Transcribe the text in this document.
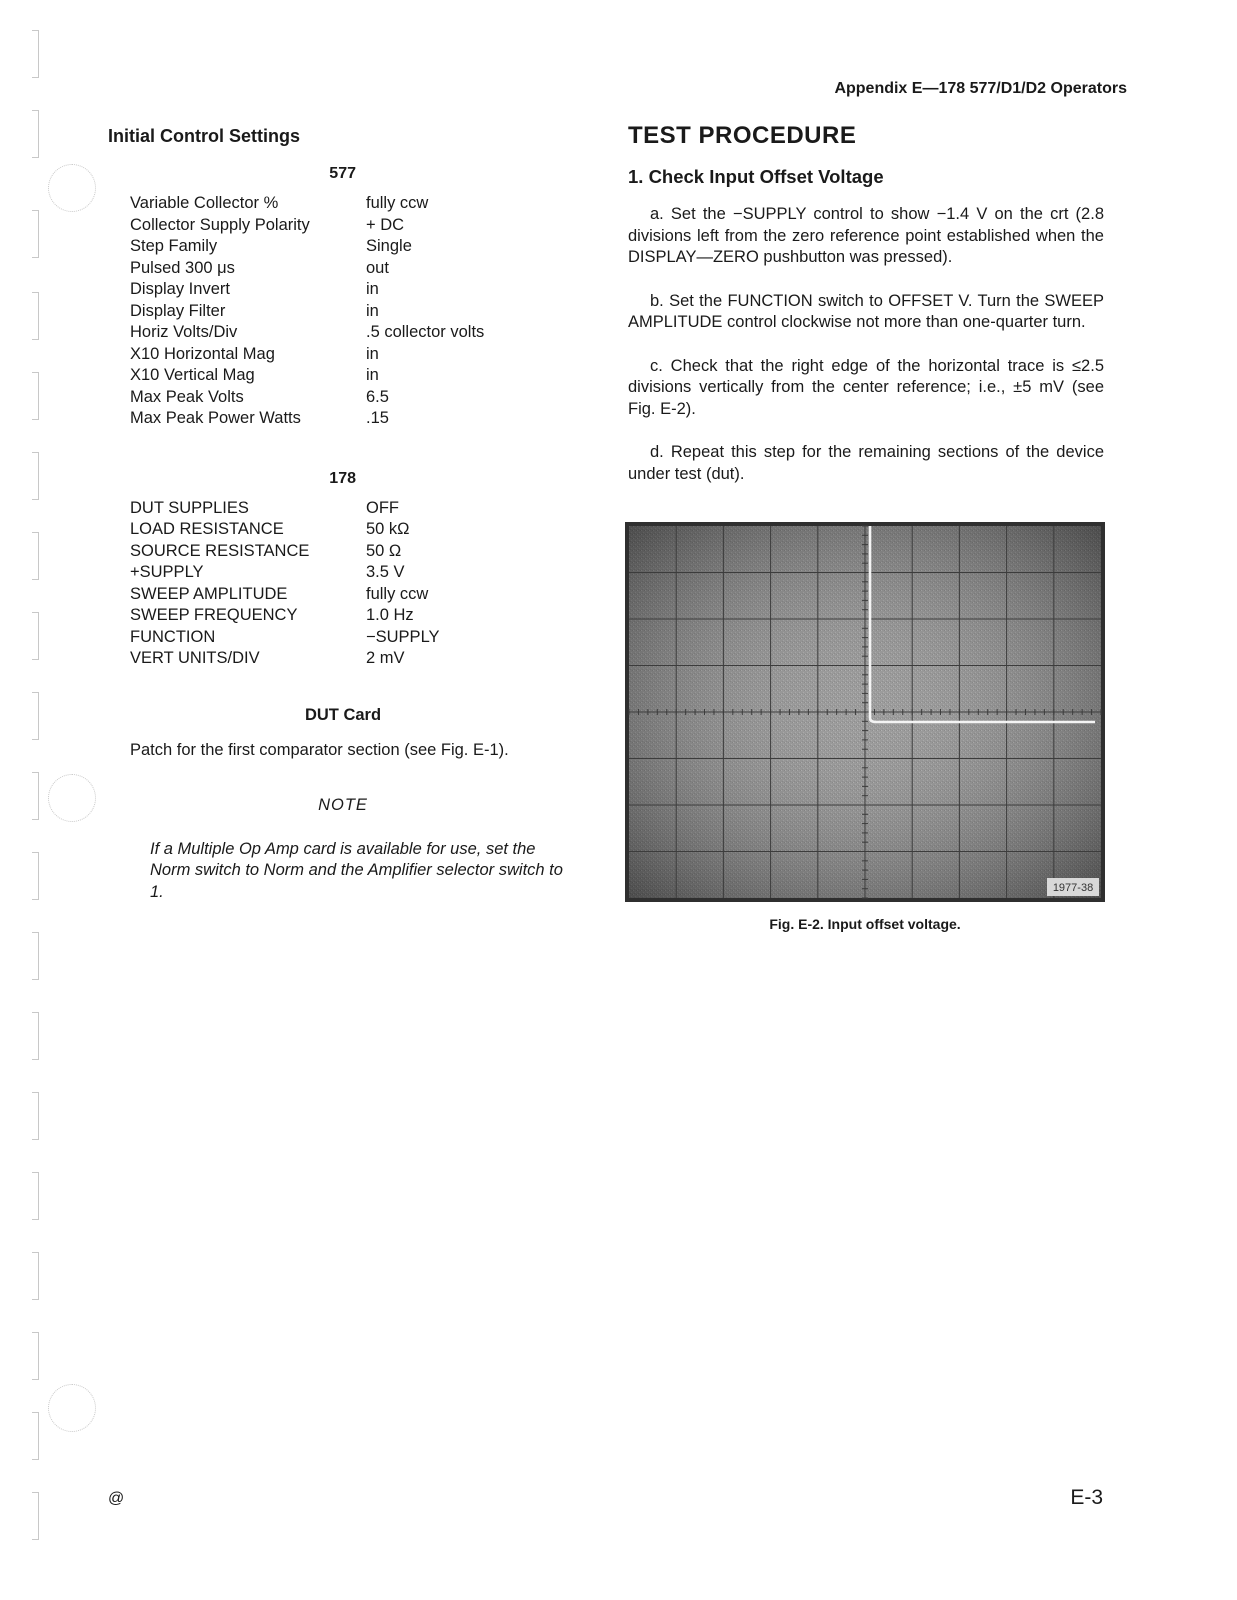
Appendix E—178 577/D1/D2 Operators
Initial Control Settings
577
Variable Collector %	fully ccw
Collector Supply Polarity	+ DC
Step Family	Single
Pulsed 300 μs	out
Display Invert	in
Display Filter	in
Horiz Volts/Div	.5 collector volts
X10 Horizontal Mag	in
X10 Vertical Mag	in
Max Peak Volts	6.5
Max Peak Power Watts	.15
178
DUT SUPPLIES	OFF
LOAD RESISTANCE	50 kΩ
SOURCE RESISTANCE	50 Ω
+SUPPLY	3.5 V
SWEEP AMPLITUDE	fully ccw
SWEEP FREQUENCY	1.0 Hz
FUNCTION	−SUPPLY
VERT UNITS/DIV	2 mV
DUT Card
Patch for the first comparator section (see Fig. E-1).
NOTE
If a Multiple Op Amp card is available for use, set the Norm switch to Norm and the Amplifier selector switch to 1.
TEST PROCEDURE
1. Check Input Offset Voltage

a. Set the −SUPPLY control to show −1.4 V on the crt (2.8 divisions left from the zero reference point established when the DISPLAY—ZERO pushbutton was pressed).

b. Set the FUNCTION switch to OFFSET V. Turn the SWEEP AMPLITUDE control clockwise not more than one-quarter turn.

c. Check that the right edge of the horizontal trace is ≤2.5 divisions vertically from the center reference; i.e., ±5 mV (see Fig. E-2).

d. Repeat this step for the remaining sections of the device under test (dut).

1977-38
Fig. E-2. Input offset voltage.
@	E-3
